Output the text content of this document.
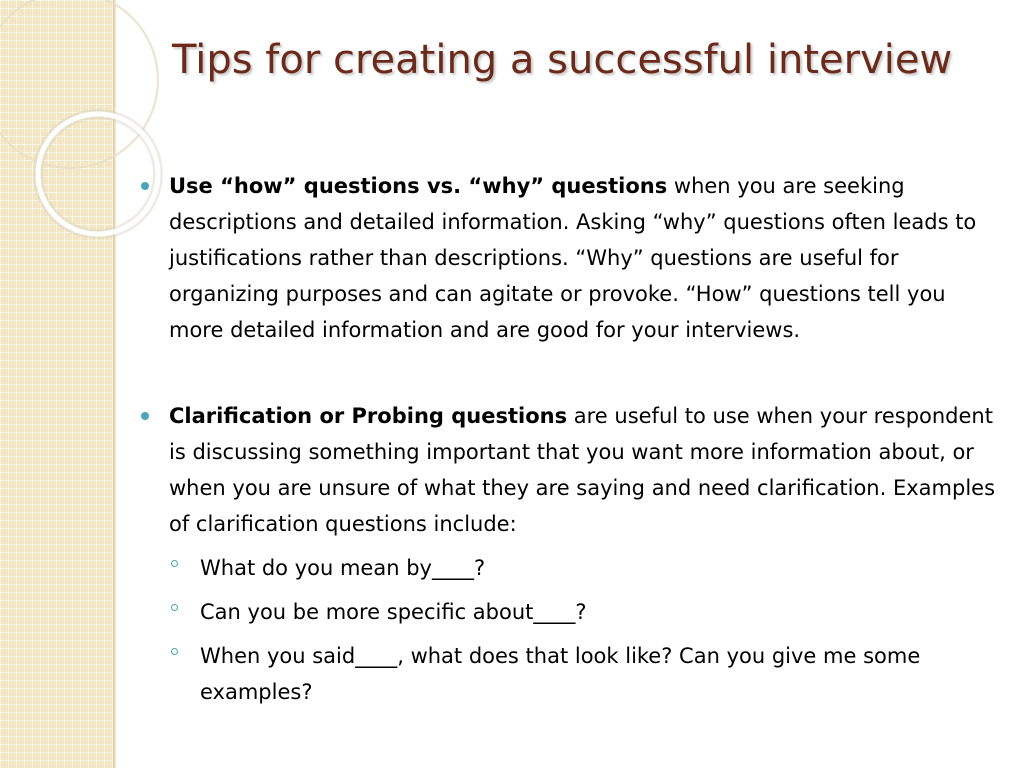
Tips for creating a successful interview
Use “how” questions vs. “why” questions when you are seeking descriptions and detailed information. Asking “why” questions often leads to justifications rather than descriptions. “Why” questions are useful for organizing purposes and can agitate or provoke. “How” questions tell you more detailed information and are good for your interviews.
Clarification or Probing questions are useful to use when your respondent is discussing something important that you want more information about, or when you are unsure of what they are saying and need clarification. Examples of clarification questions include:
What do you mean by____?
Can you be more specific about____?
When you said____, what does that look like? Can you give me some examples?
